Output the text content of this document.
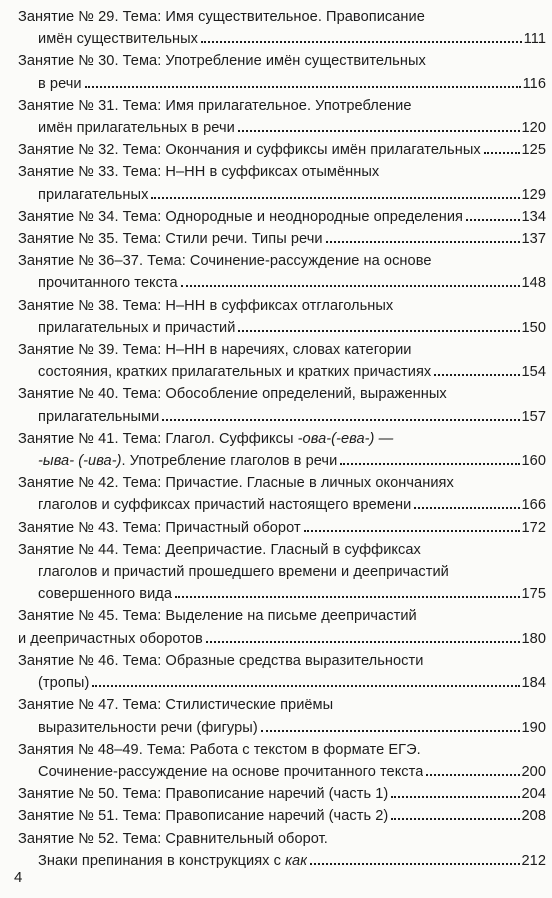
Занятие № 29. Тема: Имя существительное. Правописание
имён существительных	111
Занятие № 30. Тема: Употребление имён существительных
в речи	116
Занятие № 31. Тема: Имя прилагательное. Употребление
имён прилагательных в речи	120
Занятие № 32. Тема: Окончания и суффиксы имён прилагательных	125
Занятие № 33. Тема: Н–НН в суффиксах отымённых
прилагательных	129
Занятие № 34. Тема: Однородные и неоднородные определения	134
Занятие № 35. Тема: Стили речи. Типы речи	137
Занятие № 36–37. Тема: Сочинение-рассуждение на основе
прочитанного текста	148
Занятие № 38. Тема: Н–НН в суффиксах отглагольных
прилагательных и причастий	150
Занятие № 39. Тема: Н–НН в наречиях, словах категории
состояния, кратких прилагательных и кратких причастиях	154
Занятие № 40. Тема: Обособление определений, выраженных
прилагательными	157
Занятие № 41. Тема: Глагол. Суффиксы -ова-(-ева-) —
-ыва- (-ива-). Употребление глаголов в речи	160
Занятие № 42. Тема: Причастие. Гласные в личных окончаниях
глаголов и суффиксах причастий настоящего времени	166
Занятие № 43. Тема: Причастный оборот	172
Занятие № 44. Тема: Деепричастие. Гласный в суффиксах
глаголов и причастий прошедшего времени и деепричастий
совершенного вида	175
Занятие № 45. Тема: Выделение на письме деепричастий
и деепричастных оборотов	180
Занятие № 46. Тема: Образные средства выразительности
(тропы)	184
Занятие № 47. Тема: Стилистические приёмы
выразительности речи (фигуры)	190
Занятия № 48–49. Тема: Работа с текстом в формате ЕГЭ.
Сочинение-рассуждение на основе прочитанного текста	200
Занятие № 50. Тема: Правописание наречий (часть 1)	204
Занятие № 51. Тема: Правописание наречий (часть 2)	208
Занятие № 52. Тема: Сравнительный оборот.
Знаки препинания в конструкциях с как	212
4
